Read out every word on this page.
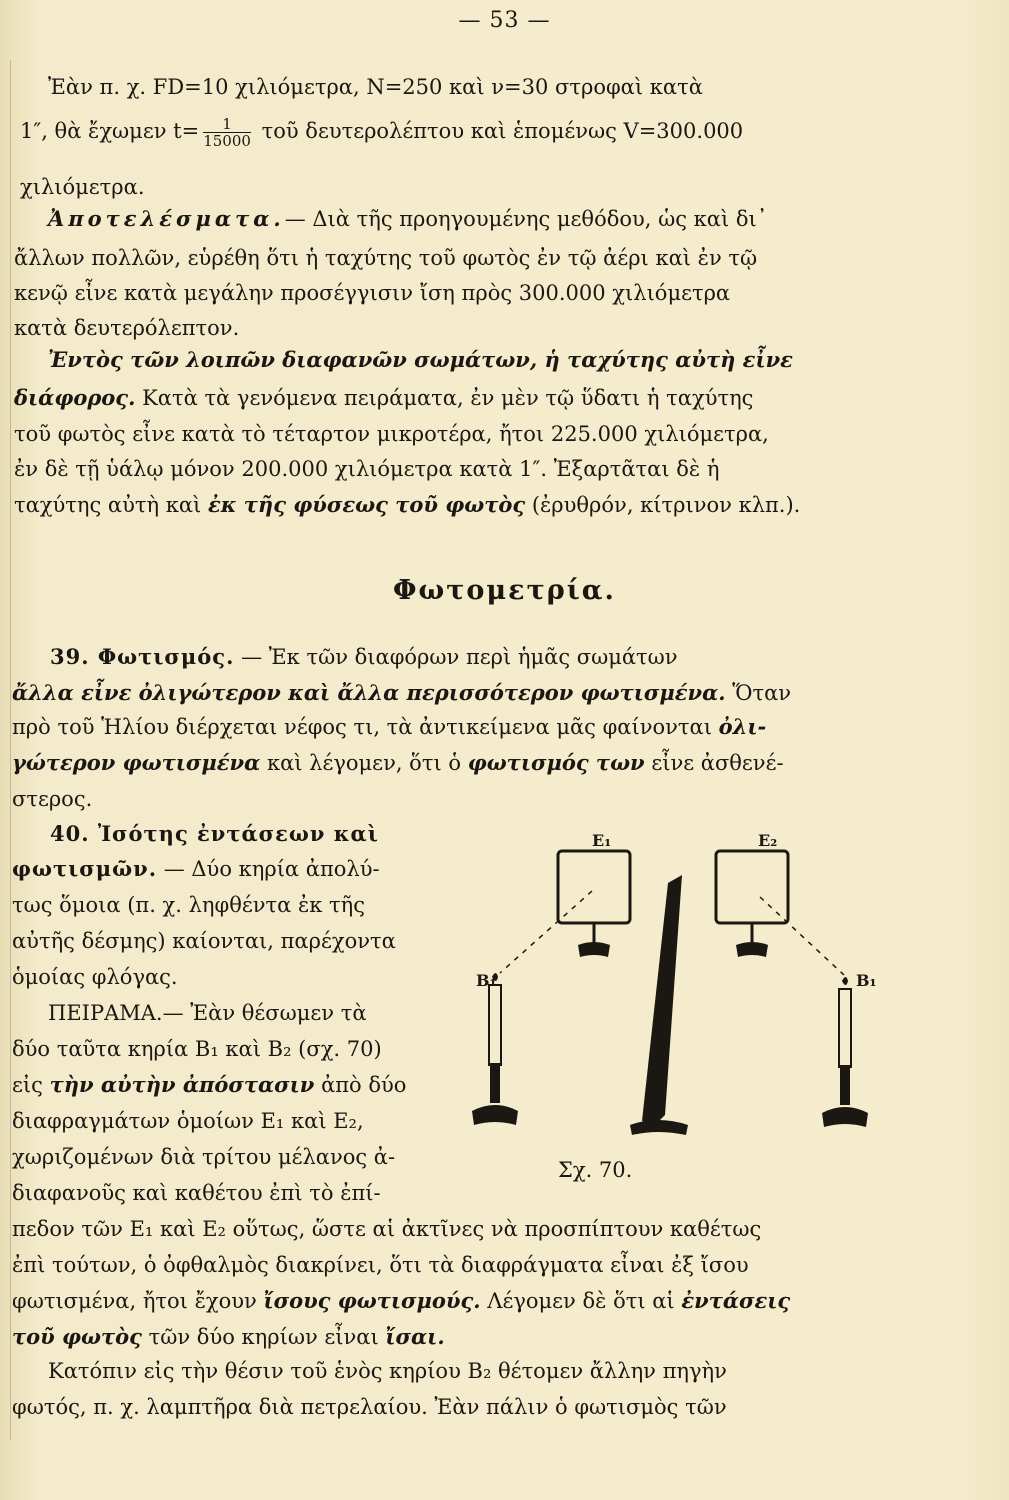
— 53 —
Ἐὰν π. χ. FD=10 χιλιόμετρα, N=250 καὶ ν=30 στροφαὶ κατὰ
1″, θὰ ἔχωμεν $t= \frac{1}{15000}$ τοῦ δευτερολέπτου καὶ ἑπομένως V=300.000
χιλιόμετρα.
Ἀποτελέσματα.— Διὰ τῆς προηγουμένης μεθόδου, ὡς καὶ δι᾿
ἄλλων πολλῶν, εὑρέθη ὅτι ἡ ταχύτης τοῦ φωτὸς ἐν τῷ ἀέρι καὶ ἐν τῷ
κενῷ εἶνε κατὰ μεγάλην προσέγγισιν ἴση πρὸς 300.000 χιλιόμετρα
κατὰ δευτερόλεπτον.
Ἐντὸς τῶν λοιπῶν διαφανῶν σωμάτων, ἡ ταχύτης αὐτὴ εἶνε
διάφορος. Κατὰ τὰ γενόμενα πειράματα, ἐν μὲν τῷ ὕδατι ἡ ταχύτης
τοῦ φωτὸς εἶνε κατὰ τὸ τέταρτον μικροτέρα, ἤτοι 225.000 χιλιόμετρα,
ἐν δὲ τῇ ὑάλῳ μόνον 200.000 χιλιόμετρα κατὰ 1″. Ἐξαρτᾶται δὲ ἡ
ταχύτης αὐτὴ καὶ ἐκ τῆς φύσεως τοῦ φωτὸς (ἐρυθρόν, κίτρινον κλπ.).
Φωτομετρία.
39. Φωτισμός. — Ἐκ τῶν διαφόρων περὶ ἡμᾶς σωμάτων
ἄλλα εἶνε ὀλιγώτερον καὶ ἄλλα περισσότερον φωτισμένα. Ὅταν
πρὸ τοῦ Ἡλίου διέρχεται νέφος τι, τὰ ἀντικείμενα μᾶς φαίνονται ὀλι-
γώτερον φωτισμένα καὶ λέγομεν, ὅτι ὁ φωτισμός των εἶνε ἀσθενέ-
στερος.
40. Ἰσότης ἐντάσεων καὶ
φωτισμῶν. — Δύο κηρία ἀπολύ-
τως ὅμοια (π. χ. ληφθέντα ἐκ τῆς
αὐτῆς δέσμης) καίονται, παρέχοντα
ὁμοίας φλόγας.
ΠΕΙΡΑΜΑ.— Ἐὰν θέσωμεν τὰ
δύο ταῦτα κηρία Β₁ καὶ Β₂ (σχ. 70)
εἰς τὴν αὐτὴν ἀπόστασιν ἀπὸ δύο
διαφραγμάτων ὁμοίων Ε₁ καὶ Ε₂,
χωριζομένων διὰ τρίτου μέλανος ἀ-
διαφανοῦς καὶ καθέτου ἐπὶ τὸ ἐπί-
πεδον τῶν Ε₁ καὶ Ε₂ οὕτως, ὥστε αἱ ἀκτῖνες νὰ προσπίπτουν καθέτως
ἐπὶ τούτων, ὁ ὀφθαλμὸς διακρίνει, ὅτι τὰ διαφράγματα εἶναι ἐξ ἴσου
φωτισμένα, ἤτοι ἔχουν ἴσους φωτισμούς. Λέγομεν δὲ ὅτι αἱ ἐντάσεις
τοῦ φωτὸς τῶν δύο κηρίων εἶναι ἴσαι.
Κατόπιν εἰς τὴν θέσιν τοῦ ἑνὸς κηρίου Β₂ θέτομεν ἄλλην πηγὴν
φωτός, π. χ. λαμπτῆρα διὰ πετρελαίου. Ἐὰν πάλιν ὁ φωτισμὸς τῶν
E₁	E₂
B₁	B₁
Σχ. 70.
